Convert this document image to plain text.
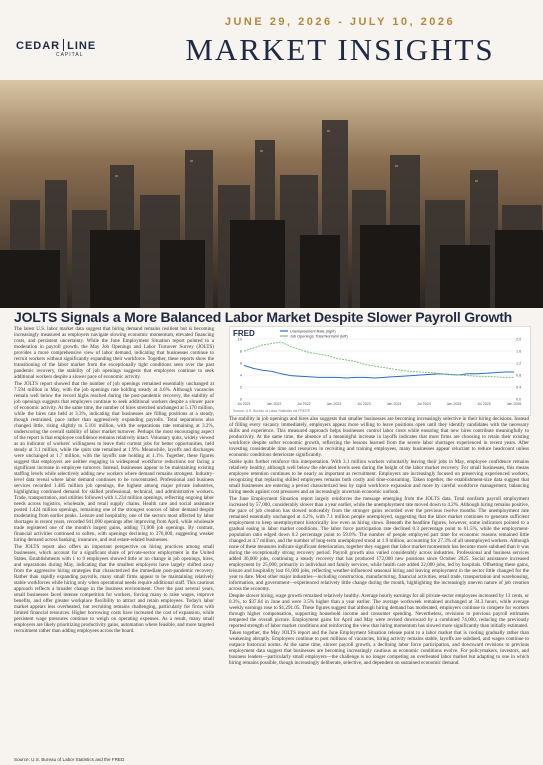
JUNE 29, 2026 - JULY 10, 2026
CEDAR LINE
CAPITAL	MARKET INSIGHTS
JOLTS Signals a More Balanced Labor Market Despite Slower Payroll Growth

The latest U.S. labor market data suggest that hiring demand remains resilient but is becoming increasingly measured as employers navigate slowing economic momentum, elevated financing costs, and persistent uncertainty. While the June Employment Situation report pointed to a moderation in payroll growth, the May Job Openings and Labor Turnover Survey (JOLTS) provides a more comprehensive view of labor demand, indicating that businesses continue to recruit workers without significantly expanding their workforce. Together, these reports show the transitioning of the labor market from the exceptionally tight conditions seen over the past pandemic recovery, the stability of job openings suggests that employers continue to seek additional workers despite a slower pace of economic activity.

The JOLTS report showed that the number of job openings remained essentially unchanged at 7.594 million in May, with the job openings rate holding steady at 4.6%. Although vacancies remain well below the record highs reached during the post-pandemic recovery, the stability of job openings suggests that employers continue to seek additional workers despite a slower pace of economic activity. At the same time, the number of hires stretched unchanged at 5.170 million, while the hires rate held at 3.3%, indicating that businesses are filling positions at a steady, though restrained, pace rather than aggressively expanding payrolls. Total separations also changed little, rising slightly to 5.101 million, with the separations rate remaining at 3.2%, underscoring the overall stability of labor market turnover. Perhaps the most encouraging aspect of the report is that employee confidence remains relatively intact. Voluntary quits, widely viewed as an indicator of workers' willingness to leave their current jobs for better opportunities, held steady at 3.1 million, while the quits rate remained at 1.9%. Meanwhile, layoffs and discharges were unchanged at 1.7 million, with the layoffs rate holding at 1.1%. Together, these figures suggest that employers are neither engaging in widespread workforce reductions nor facing a significant increase in employee turnover. Instead, businesses appear to be maintaining existing staffing levels while selectively adding new workers where demand remains strongest. Industry-level data reveal where labor demand continues to be concentrated. Professional and business services recorded 1.485 million job openings, the highest among major private industries, highlighting continued demand for skilled professional, technical, and administrative workers. Trade, transportation, and utilities followed with 1.234 million openings, reflecting ongoing labor needs across logistics, wholesale, and retail supply chains. Health care and social assistance posted 1.424 million openings, remaining one of the strongest sources of labor demand despite moderating from earlier peaks. Leisure and hospitality, one of the sectors most affected by labor shortages in recent years, recorded 941,000 openings after improving from April, while wholesale trade registered one of the month's largest gains, adding 71,000 job openings. By contrast, financial activities continued to soften, with openings declining to 376,000, suggesting weaker hiring demand across banking, insurance, and real estate-related businesses.

The JOLTS report also offers an important perspective on hiring practices among small businesses, which account for a significant share of private-sector employment in the United States. Establishments with 1 to 9 employees showed little or no change in job openings, hires, and separations during May, indicating that the smallest employers have largely shifted away from the aggressive hiring strategies that characterized the immediate post-pandemic recovery. Rather than rapidly expanding payrolls, many small firms appear to be maintaining relatively stable workforces while hiring only when operational needs require additional staff. This cautious approach reflects a broader change in the business environment. Over the past several years, small businesses faced intense competition for workers, forcing many to raise wages, improve benefits, and offer greater workplace flexibility to attract and retain employees. Today's labor market appears less overheated, but recruiting remains challenging, particularly for firms with limited financial resources. Higher borrowing costs have increased the cost of expansion, while persistent wage pressures continue to weigh on operating expenses. As a result, many small employers are likely prioritizing productivity gains, automation where feasible, and more targeted recruitment rather than adding employees across the board.

FRED	Unemployment Rate (right)
Job Openings: Total Nonfarm (left)
0	0.0
2	0.4
4	0.8
6	1.2
8	1.6
10	2.0
Jul 2021	Jan 2022	Jul 2022	Jan 2023	Jul 2023	Jan 2024	Jul 2024	Jan 2025	Jul 2025	Jan 2026
Source: U.S. Bureau of Labor Statistics via FRED®

The stability in job openings and hires also suggests that smaller businesses are becoming increasingly selective in their hiring decisions. Instead of filling every vacancy immediately, employers appear more willing to leave positions open until they identify candidates with the necessary skills and experience. This measured approach helps businesses control labor costs while ensuring that new hires contribute meaningfully to productivity. At the same time, the absence of a meaningful increase in layoffs indicates that most firms are choosing to retain their existing workforce despite softer economic growth, reflecting the lessons learned from the severe labor shortages experienced in recent years. After investing considerable time and resources in recruiting and training employees, many businesses appear reluctant to reduce headcount unless economic conditions deteriorate significantly.

Stable quits further reinforce this interpretation. With 3.1 million workers voluntarily leaving their jobs in May, employee confidence remains relatively healthy, although well below the elevated levels seen during the height of the labor market recovery. For small businesses, this means employee retention continues to be nearly as important as recruitment. Employers are increasingly focused on preserving experienced workers, recognizing that replacing skilled employees remains both costly and time-consuming. Taken together, the establishment-size data suggest that small businesses are entering a period characterized less by rapid workforce expansion and more by careful workforce management, balancing hiring needs against cost pressures and an increasingly uncertain economic outlook.

The June Employment Situation report largely reinforces the message emerging from the JOLTS data. Total nonfarm payroll employment increased by 57,000, considerably slower than a year earlier, while the unemployment rate moved down to 4.2%. Although hiring remains positive, the pace of job creation has slowed noticeably from the stronger gains recorded over the previous twelve months. The unemployment rate remained essentially unchanged at 4.2%, with 7.1 million people unemployed, suggesting that the labor market continues to generate sufficient employment to keep unemployment historically low even as hiring slows. Beneath the headline figures, however, some indicators pointed to a gradual easing in labor market conditions. The labor force participation rate declined 0.3 percentage point to 61.5%, while the employment-population ratio edged down 0.2 percentage point to 59.0%. The number of people employed part time for economic reasons remained little changed at 4.7 million, and the number of long-term unemployed stood at 1.9 million, accounting for 27.3% of all unemployed workers. Although none of these measures indicate significant deterioration, together they suggest that labor market momentum has become more subdued than it was during the exceptionally strong recovery period. Payroll growth also varied considerably across industries. Professional and business services added 36,000 jobs, continuing a steady recovery that has produced 172,000 new positions since October 2025. Social assistance increased employment by 25,000, primarily in individual and family services, while health care added 22,000 jobs, led by hospitals. Offsetting these gains, leisure and hospitality lost 61,000 jobs, reflecting weather-influenced seasonal hiring and leaving employment in the sector little changed for the year to date. Most other major industries—including construction, manufacturing, financial activities, retail trade, transportation and warehousing, information, and government—experienced relatively little change during the month, highlighting the increasingly uneven nature of job creation across the economy.

Despite slower hiring, wage growth remained relatively healthy. Average hourly earnings for all private-sector employees increased by 13 cents, or 0.3%, to $37.64 in June and were 3.5% higher than a year earlier. The average workweek remained unchanged at 34.3 hours, while average weekly earnings rose to $1,291.05. These figures suggest that although hiring demand has moderated, employers continue to compete for workers through higher compensation, supporting household income and consumer spending. Nevertheless, revisions to previous payroll estimates tempered the overall picture. Employment gains for April and May were revised downward by a combined 74,000, reducing the previously reported strength of labor market conditions and reinforcing the view that hiring momentum has slowed more significantly than initially estimated.

Taken together, the May JOLTS report and the June Employment Situation release point to a labor market that is cooling gradually rather than weakening abruptly. Employers continue to post millions of vacancies, hiring activity remains stable, layoffs are subdued, and wages continue to outpace historical norms. At the same time, slower payroll growth, a declining labor force participation, and downward revisions to previous employment data suggest that businesses are becoming increasingly cautious as economic conditions evolve. For policymakers, investors, and business leaders—particularly small employers—the challenge is no longer competing an overheated labor market but adapting to one in which hiring remains possible, though increasingly deliberate, selective, and dependent on sustained economic demand.

Source: U.S. Bureau of Labor Statistics and the FRED
